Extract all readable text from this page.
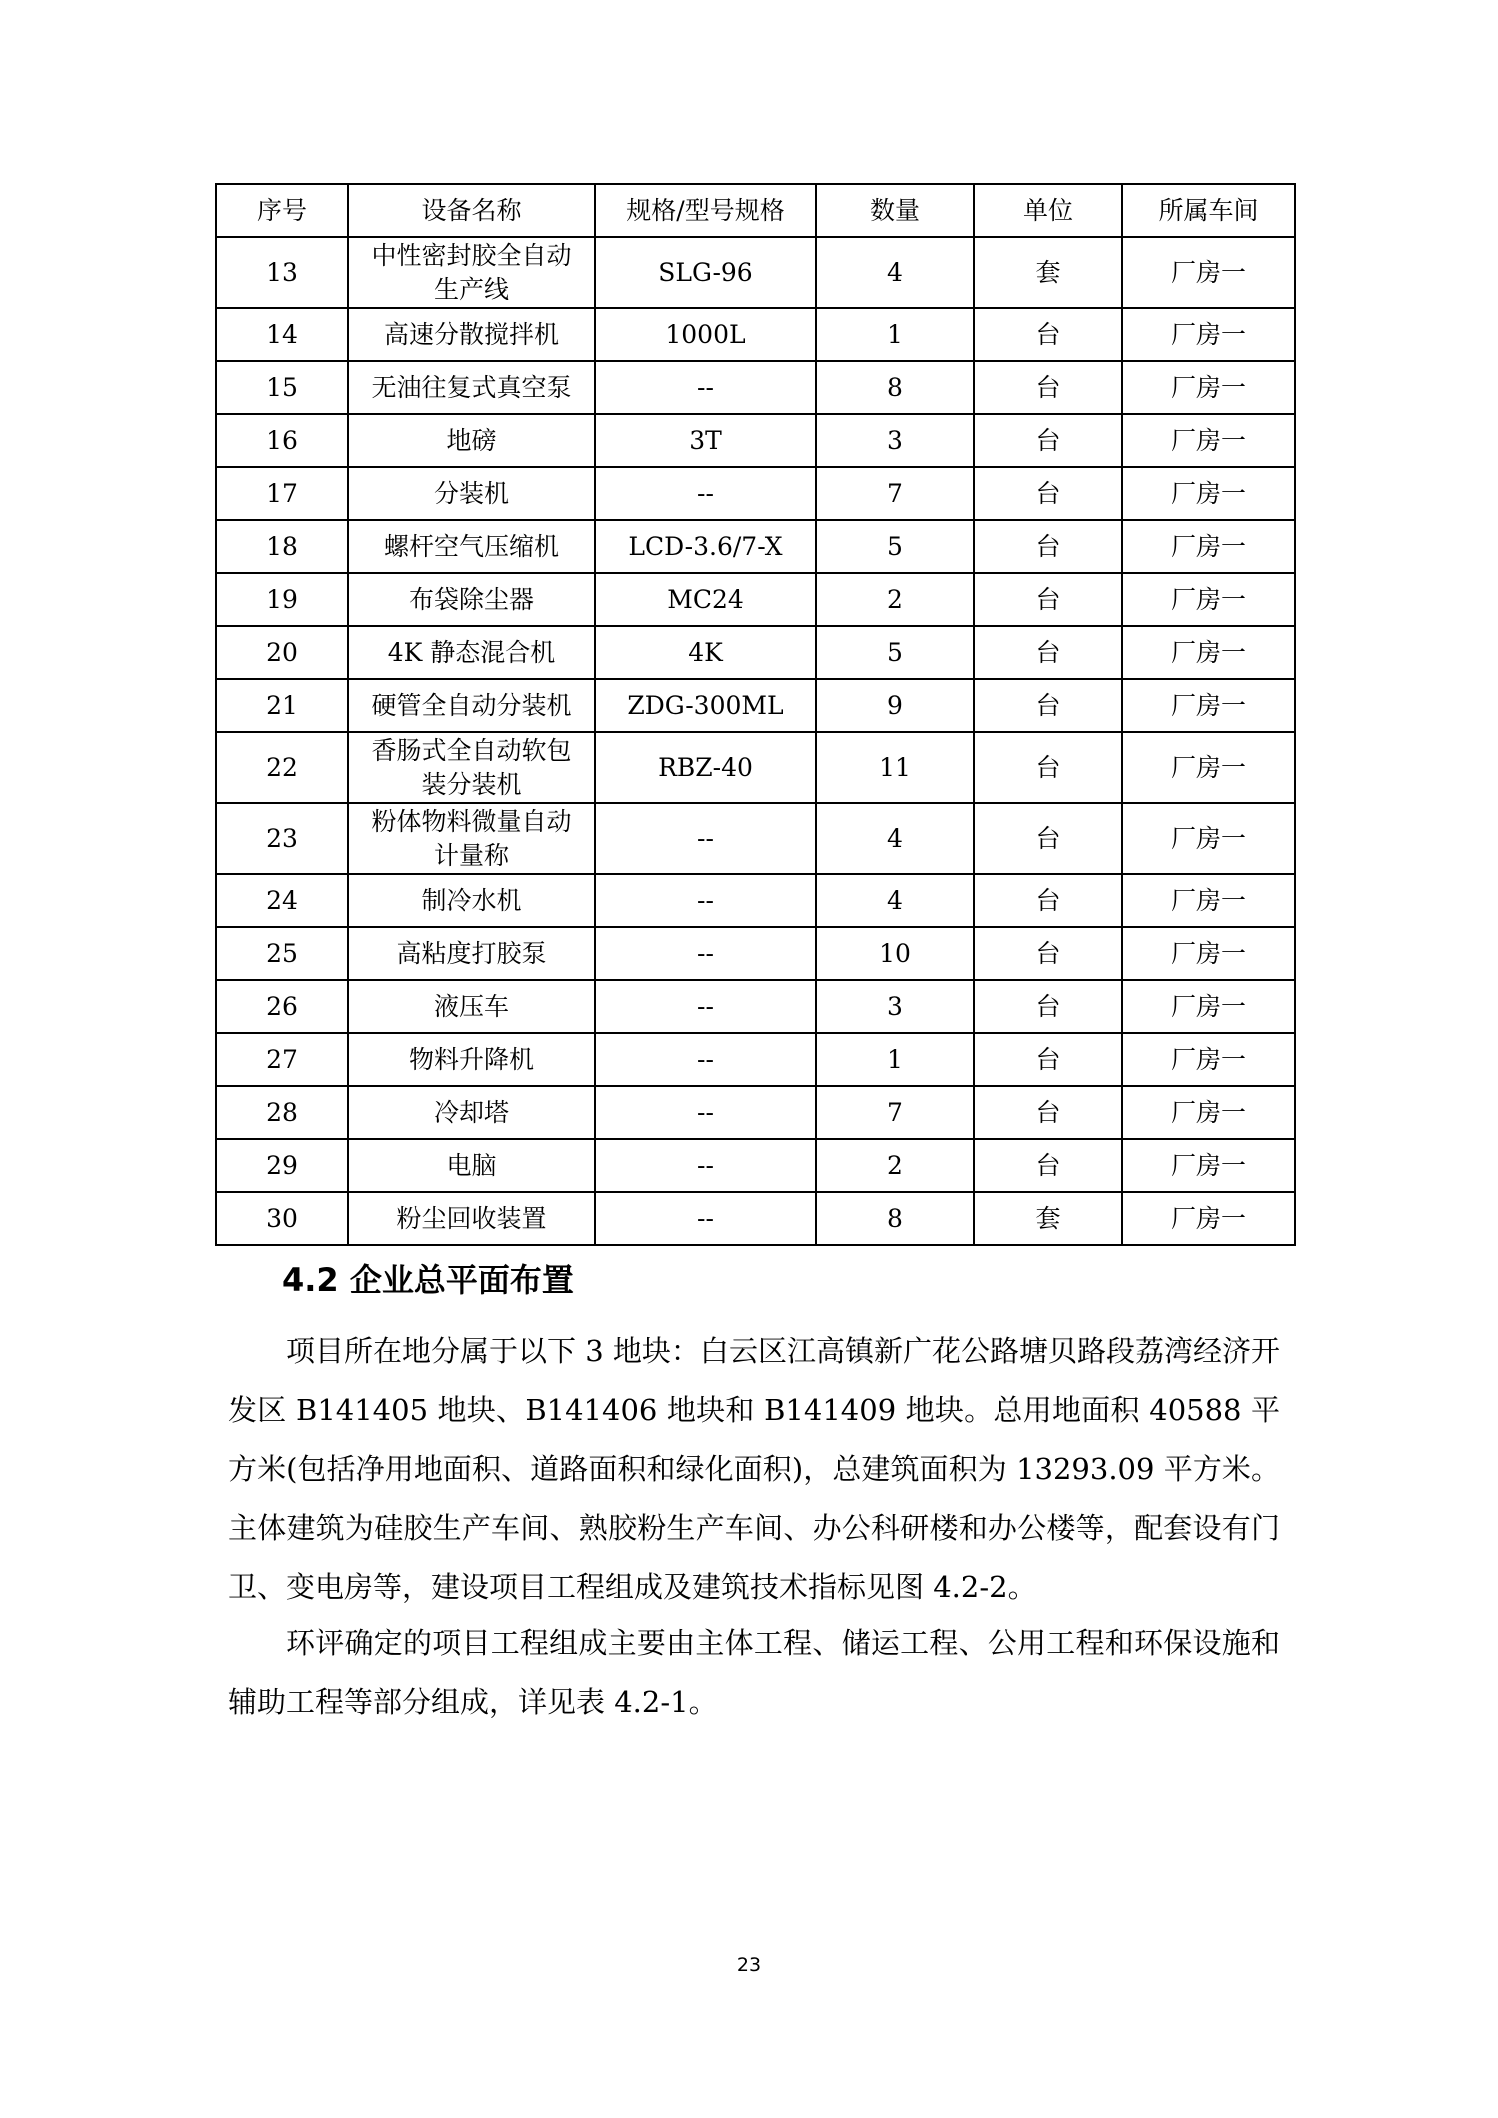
序号	设备名称	规格/型号规格	数量	单位	所属车间
13	中性密封胶全自动生产线	SLG-96	4	套	厂房一
14	高速分散搅拌机	1000L	1	台	厂房一
15	无油往复式真空泵	--	8	台	厂房一
16	地磅	3T	3	台	厂房一
17	分装机	--	7	台	厂房一
18	螺杆空气压缩机	LCD-3.6/7-X	5	台	厂房一
19	布袋除尘器	MC24	2	台	厂房一
20	4K 静态混合机	4K	5	台	厂房一
21	硬管全自动分装机	ZDG-300ML	9	台	厂房一
22	香肠式全自动软包装分装机	RBZ-40	11	台	厂房一
23	粉体物料微量自动计量称	--	4	台	厂房一
24	制冷水机	--	4	台	厂房一
25	高粘度打胶泵	--	10	台	厂房一
26	液压车	--	3	台	厂房一
27	物料升降机	--	1	台	厂房一
28	冷却塔	--	7	台	厂房一
29	电脑	--	2	台	厂房一
30	粉尘回收装置	--	8	套	厂房一
4.2 企业总平面布置

项目所在地分属于以下 3 地块：白云区江高镇新广花公路塘贝路段荔湾经济开发区 B141405 地块、B141406 地块和 B141409 地块。总用地面积 40588 平方米(包括净用地面积、道路面积和绿化面积)，总建筑面积为 13293.09 平方米。主体建筑为硅胶生产车间、熟胶粉生产车间、办公科研楼和办公楼等，配套设有门卫、变电房等，建设项目工程组成及建筑技术指标见图 4.2-2。

环评确定的项目工程组成主要由主体工程、储运工程、公用工程和环保设施和辅助工程等部分组成，详见表 4.2-1。

23
